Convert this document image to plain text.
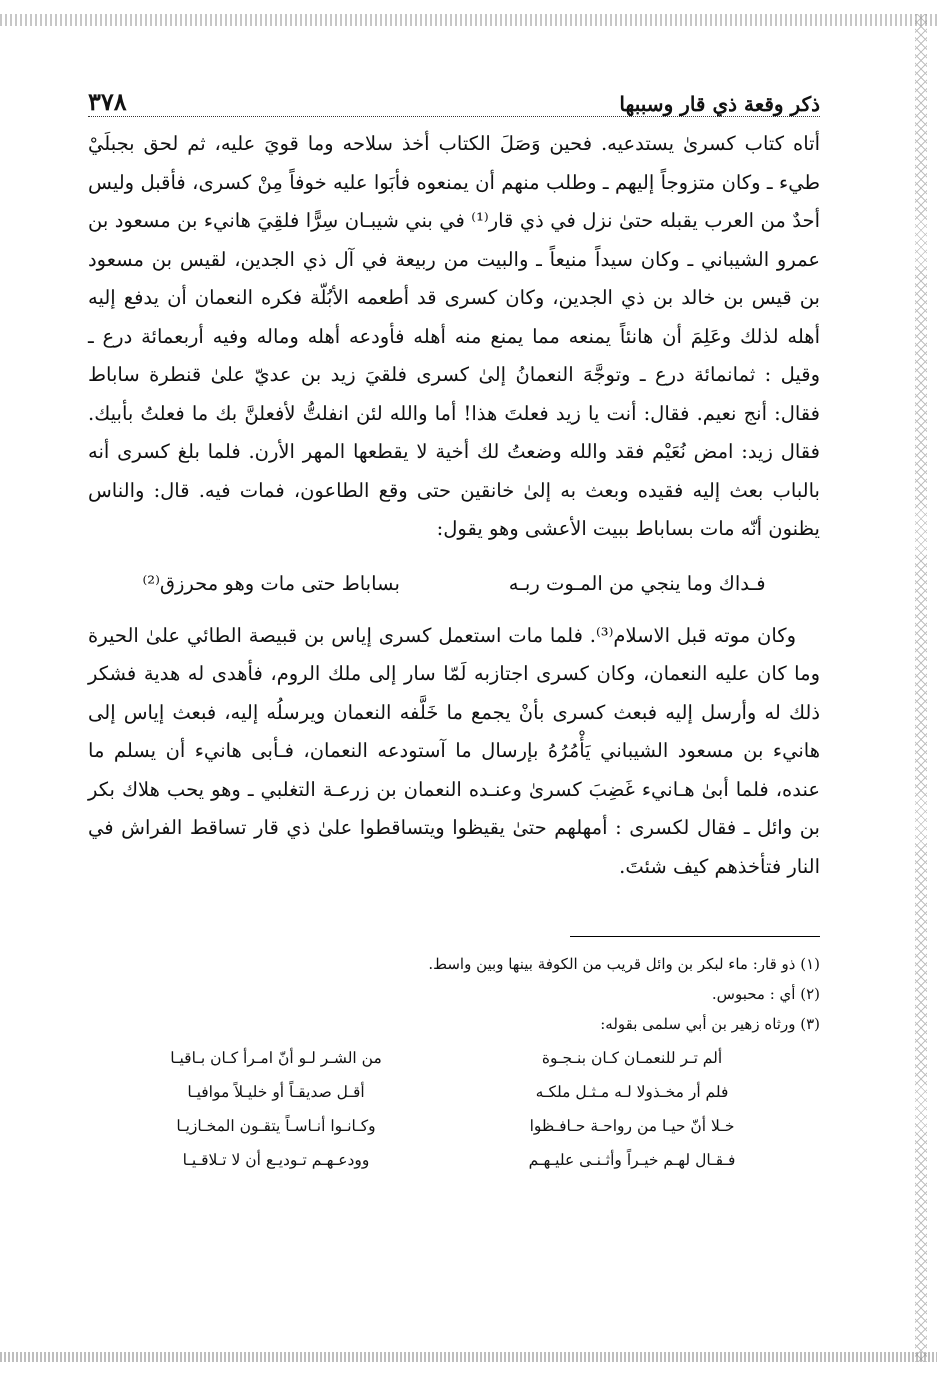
ذكر وقعة ذي قار وسببها
٣٧٨

أتاه كتاب كسرىٰ يستدعيه. فحين وَصَلَ الكتاب أخذ سلاحه وما قويَ عليه، ثم لحق بجبلَيْ طيء ـ وكان متزوجاً إليهم ـ وطلب منهم أن يمنعوه فأبَوا عليه خوفاً مِنْ كسرى، فأقبل وليس أحدٌ من العرب يقبله حتىٰ نزل في ذي قار⁽¹⁾ في بني شيبـان سِرًّا فلقِيَ هانيء بن مسعود بن عمرو الشيباني ـ وكان سيداً منيعاً ـ والبيت من ربيعة في آل ذي الجدين، لقيس بن مسعود بن قيس بن خالد بن ذي الجدين، وكان كسرى قد أطعمه الأبُلّة فكره النعمان أن يدفع إليه أهله لذلك وعَلِمَ أن هانئاً يمنعه مما يمنع منه أهله فأودعه أهله وماله وفيه أربعمائة درع ـ وقيل : ثمانمائة درع ـ وتوجَّهَ النعمانُ إلىٰ كسرى فلقيَ زيد بن عديّ علىٰ قنطرة ساباط فقال: أنج نعيم. فقال: أنت يا زيد فعلتَ هذا! أما والله لئن انفلتُّ لأفعلنَّ بك ما فعلتُ بأبيك. فقال زيد: امض نُعَيْم فقد والله وضعتُ لك أخية لا يقطعها المهر الأرن. فلما بلغ كسرى أنه بالباب بعث إليه فقيده وبعث به إلىٰ خانقين حتى وقع الطاعون، فمات فيه. قال: والناس يظنون أنّه مات بساباط ببيت الأعشى وهو يقول:

فـداك وما ينجي من المـوت ربـه
بساباط حتى مات وهو محرزق⁽²⁾

وكان موته قبل الاسلام⁽³⁾. فلما مات استعمل كسرى إياس بن قبيصة الطائي علىٰ الحيرة وما كان عليه النعمان، وكان كسرى اجتازبه لَمّا سار إلى ملك الروم، فأهدى له هدية فشكر ذلك له وأرسل إليه فبعث كسرى بأنْ يجمع ما خَلَّفه النعمان ويرسلُه إليه، فبعث إياس إلى هانيء بن مسعود الشيباني يَأْمُرُهُ بإرسال ما آستودعه النعمان، فـأبى هانيء أن يسلم ما عنده، فلما أبىٰ هـانيء غَضِبَ كسرىٰ وعنـده النعمان بن زرعـة التغلبي ـ وهو يحب هلاك بكر بن وائل ـ فقال لكسرى : أمهلهم حتىٰ يقيظوا ويتساقطوا علىٰ ذي قار تساقط الفراش في النار فتأخذهم كيف شئتَ.

(١) ذو قار: ماء لبكر بن وائل قريب من الكوفة بينها وبين واسط.

(٢) أي : محبوس.

(٣) ورثاه زهير بن أبي سلمى بقوله:

ألم تـر للنعمـان كـان بنـجـوة
من الشـر لـو أنّ امـرأ كـان بـاقيـا
فلم أر مخـذولا لـه مـثـل ملكـه
أقـل صديقـاً أو خليـلاً موافيـا
خـلا أنّ حيـا من رواحـة حـافـظوا
وكـانـوا أنـاسـاً يتقـون المخـازيـا
فـقـال لهـم خيـراً وأثـنـى عليـهـم
وودعـهـم تـوديـع أن لا تـلاقـيـا
